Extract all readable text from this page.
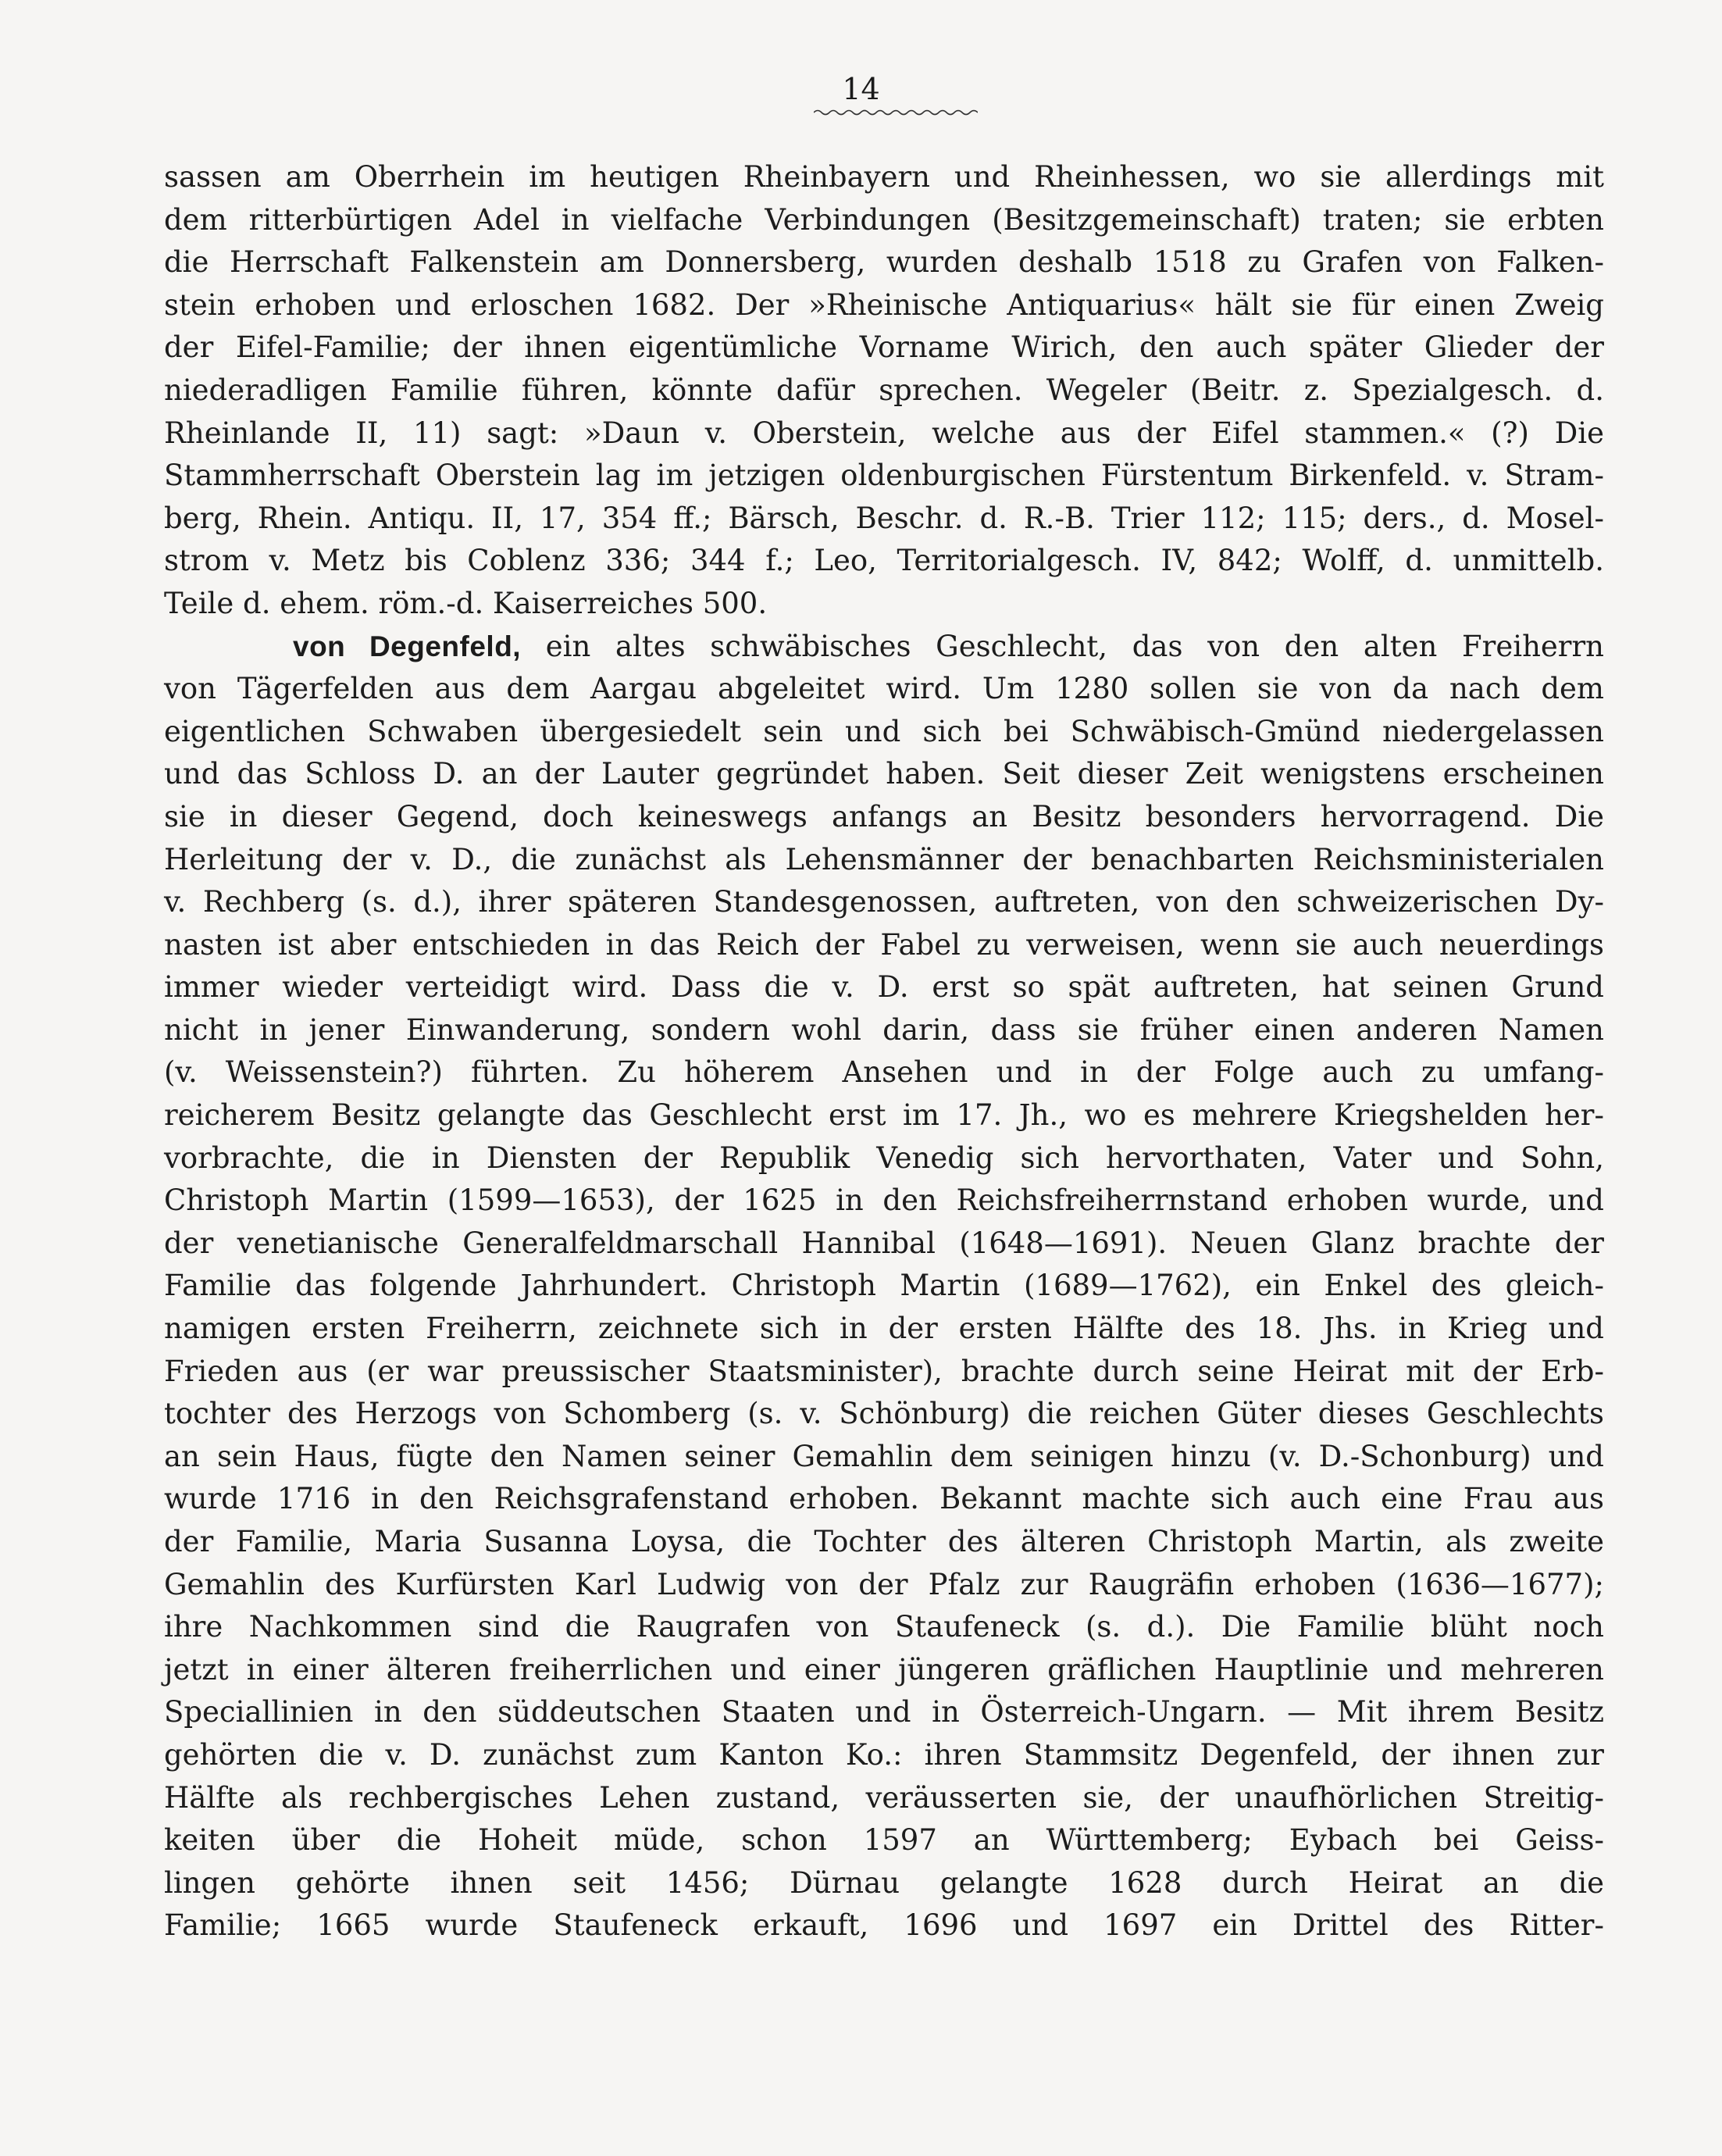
14
sassen am Oberrhein im heutigen Rheinbayern und Rheinhessen, wo sie allerdings mit
dem ritterbürtigen Adel in vielfache Verbindungen (Besitzgemeinschaft) traten; sie erbten
die Herrschaft Falkenstein am Donnersberg, wurden deshalb 1518 zu Grafen von Falken-
stein erhoben und erloschen 1682. Der »Rheinische Antiquarius« hält sie für einen Zweig
der Eifel-Familie; der ihnen eigentümliche Vorname Wirich, den auch später Glieder der
niederadligen Familie führen, könnte dafür sprechen. Wegeler (Beitr. z. Spezialgesch. d.
Rheinlande II, 11) sagt: »Daun v. Oberstein, welche aus der Eifel stammen.« (?) Die
Stammherrschaft Oberstein lag im jetzigen oldenburgischen Fürstentum Birkenfeld. v. Stram-
berg, Rhein. Antiqu. II, 17, 354 ff.; Bärsch, Beschr. d. R.-B. Trier 112; 115; ders., d. Mosel-
strom v. Metz bis Coblenz 336; 344 f.; Leo, Territorialgesch. IV, 842; Wolff, d. unmittelb.
Teile d. ehem. röm.-d. Kaiserreiches 500.
von Degenfeld, ein altes schwäbisches Geschlecht, das von den alten Freiherrn
von Tägerfelden aus dem Aargau abgeleitet wird. Um 1280 sollen sie von da nach dem
eigentlichen Schwaben übergesiedelt sein und sich bei Schwäbisch-Gmünd niedergelassen
und das Schloss D. an der Lauter gegründet haben. Seit dieser Zeit wenigstens erscheinen
sie in dieser Gegend, doch keineswegs anfangs an Besitz besonders hervorragend. Die
Herleitung der v. D., die zunächst als Lehensmänner der benachbarten Reichsministerialen
v. Rechberg (s. d.), ihrer späteren Standesgenossen, auftreten, von den schweizerischen Dy-
nasten ist aber entschieden in das Reich der Fabel zu verweisen, wenn sie auch neuerdings
immer wieder verteidigt wird. Dass die v. D. erst so spät auftreten, hat seinen Grund
nicht in jener Einwanderung, sondern wohl darin, dass sie früher einen anderen Namen
(v. Weissenstein?) führten. Zu höherem Ansehen und in der Folge auch zu umfang-
reicherem Besitz gelangte das Geschlecht erst im 17. Jh., wo es mehrere Kriegshelden her-
vorbrachte, die in Diensten der Republik Venedig sich hervorthaten, Vater und Sohn,
Christoph Martin (1599—1653), der 1625 in den Reichsfreiherrnstand erhoben wurde, und
der venetianische Generalfeldmarschall Hannibal (1648—1691). Neuen Glanz brachte der
Familie das folgende Jahrhundert. Christoph Martin (1689—1762), ein Enkel des gleich-
namigen ersten Freiherrn, zeichnete sich in der ersten Hälfte des 18. Jhs. in Krieg und
Frieden aus (er war preussischer Staatsminister), brachte durch seine Heirat mit der Erb-
tochter des Herzogs von Schomberg (s. v. Schönburg) die reichen Güter dieses Geschlechts
an sein Haus, fügte den Namen seiner Gemahlin dem seinigen hinzu (v. D.-Schonburg) und
wurde 1716 in den Reichsgrafenstand erhoben. Bekannt machte sich auch eine Frau aus
der Familie, Maria Susanna Loysa, die Tochter des älteren Christoph Martin, als zweite
Gemahlin des Kurfürsten Karl Ludwig von der Pfalz zur Raugräfin erhoben (1636—1677);
ihre Nachkommen sind die Raugrafen von Staufeneck (s. d.). Die Familie blüht noch
jetzt in einer älteren freiherrlichen und einer jüngeren gräflichen Hauptlinie und mehreren
Speciallinien in den süddeutschen Staaten und in Österreich-Ungarn. — Mit ihrem Besitz
gehörten die v. D. zunächst zum Kanton Ko.: ihren Stammsitz Degenfeld, der ihnen zur
Hälfte als rechbergisches Lehen zustand, veräusserten sie, der unaufhörlichen Streitig-
keiten über die Hoheit müde, schon 1597 an Württemberg; Eybach bei Geiss-
lingen gehörte ihnen seit 1456; Dürnau gelangte 1628 durch Heirat an die
Familie; 1665 wurde Staufeneck erkauft, 1696 und 1697 ein Drittel des Ritter-
